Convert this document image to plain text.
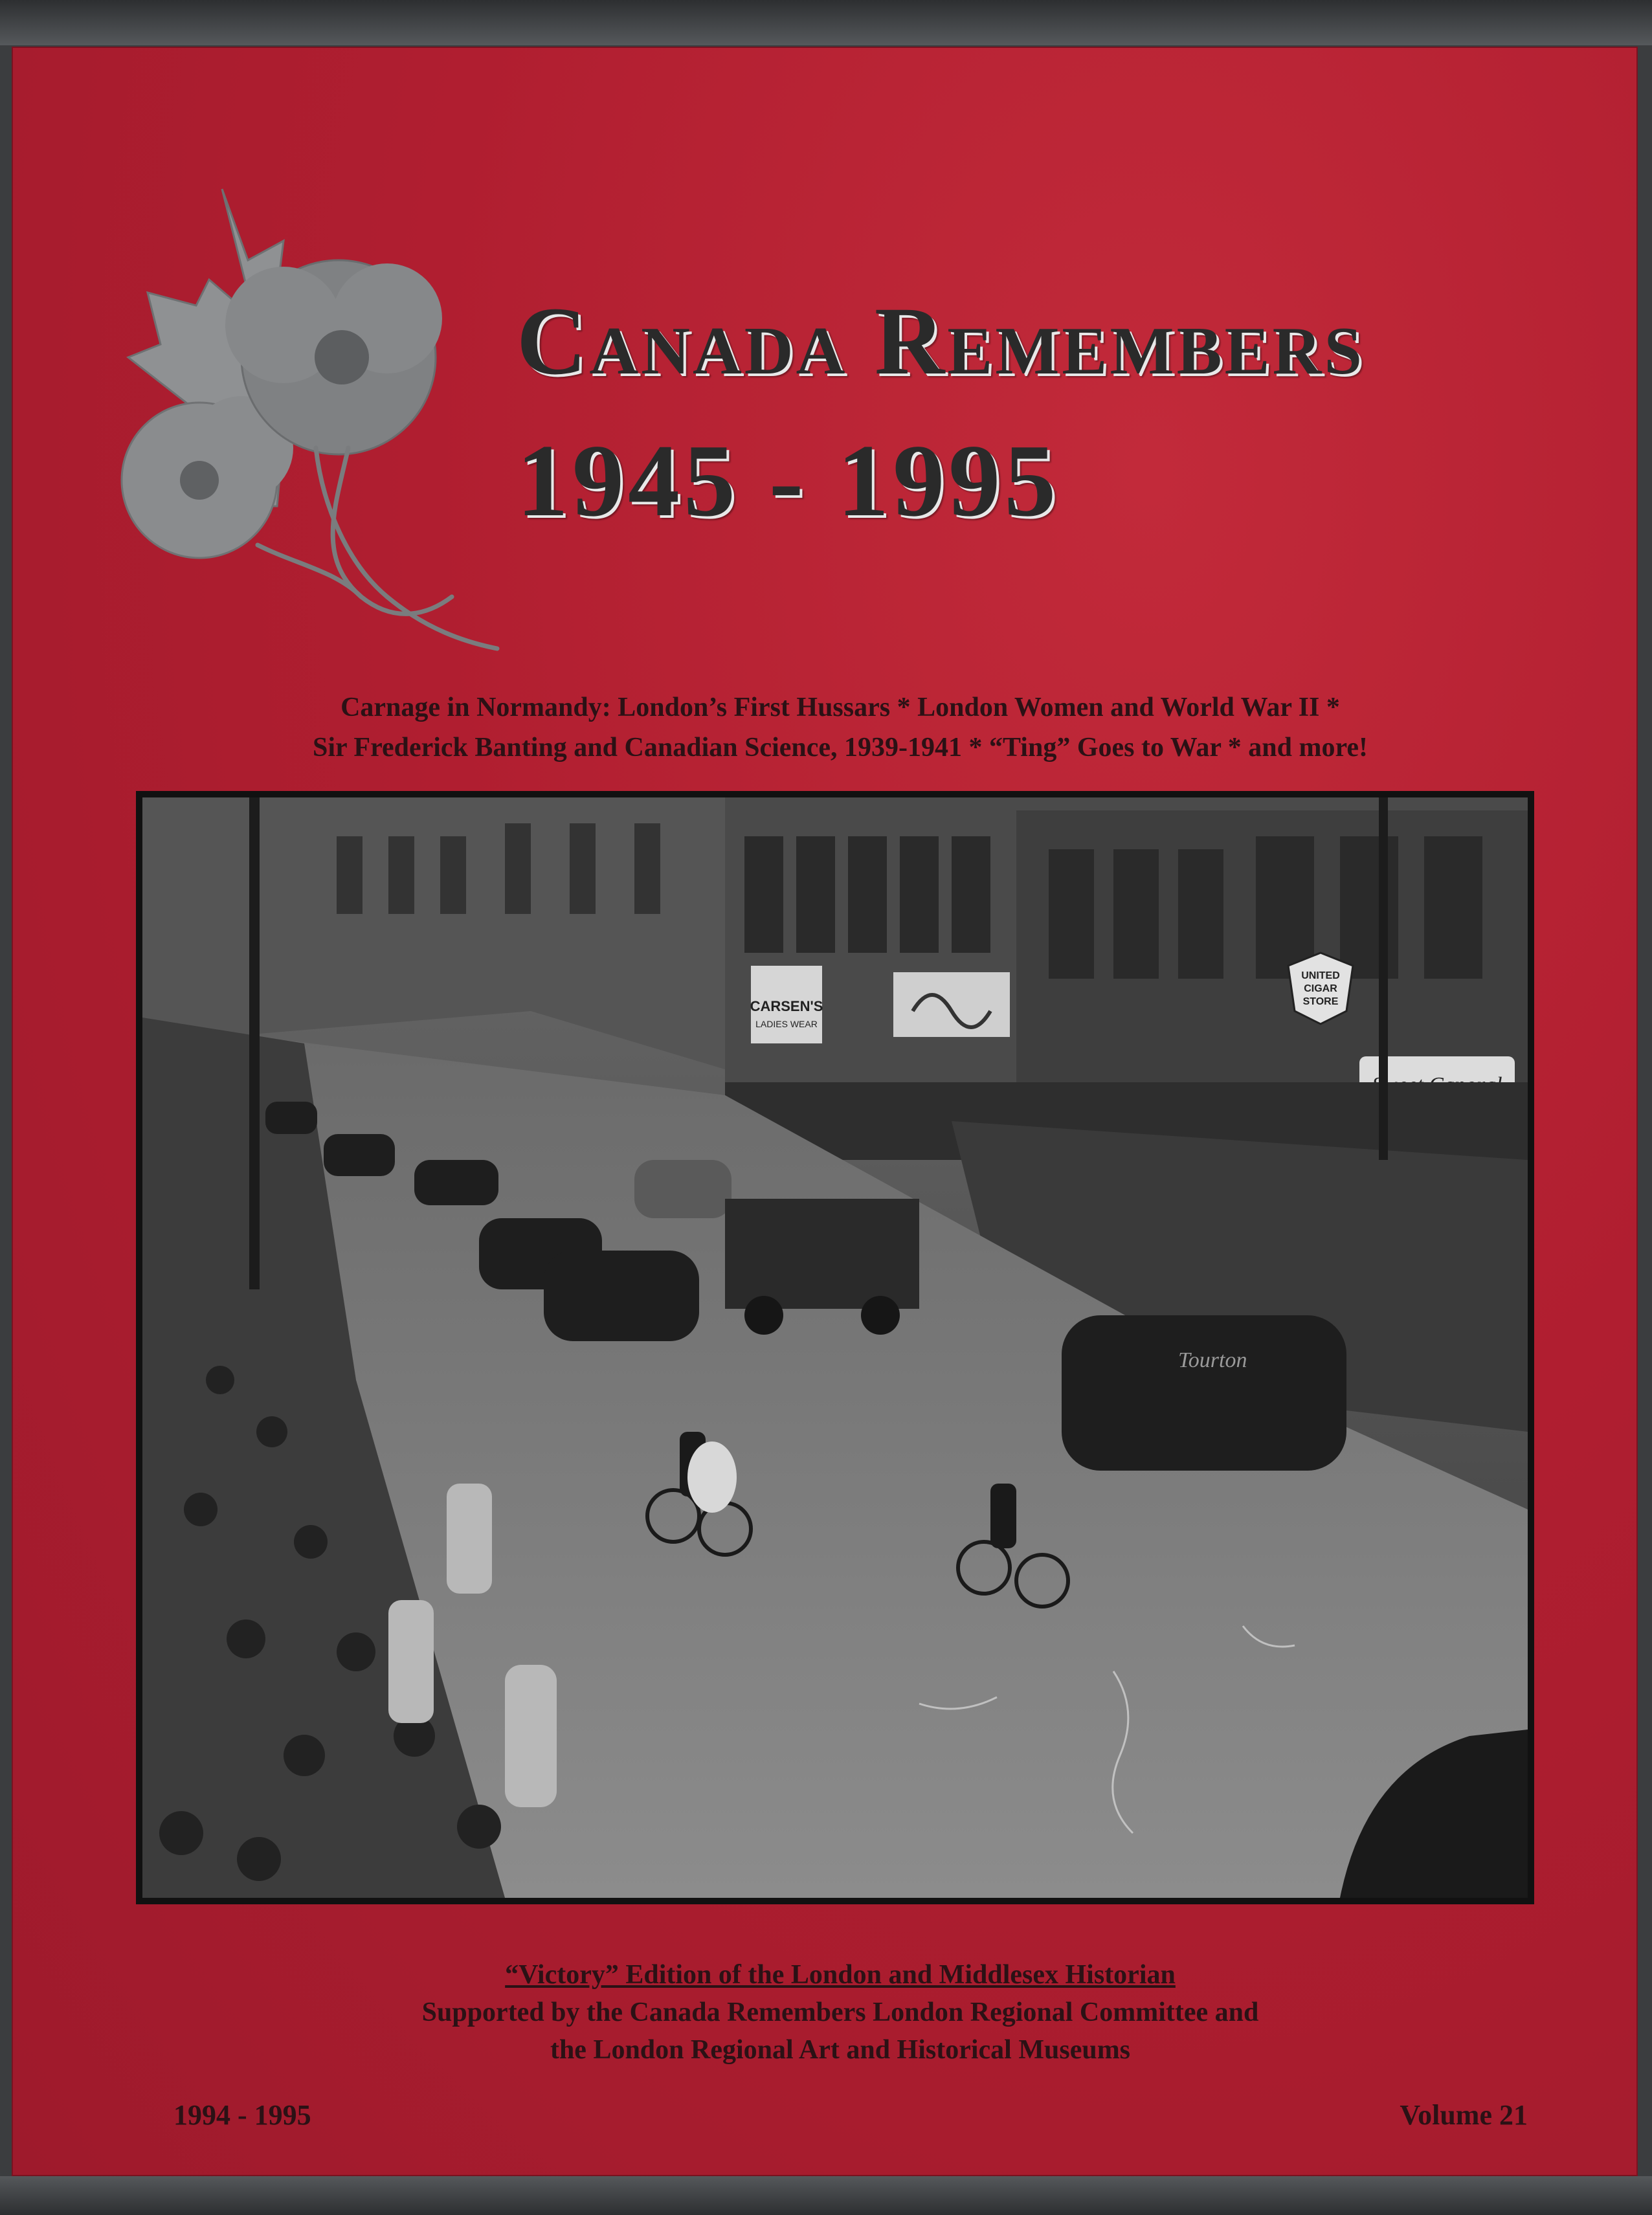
Canada Remembers
1945 - 1995
Carnage in Normandy: London’s First Hussars * London Women and World War II *
Sir Frederick Banting and Canadian Science, 1939-1941 * “Ting” Goes to War * and more!
CARSEN'S
LADIES WEAR
UNITED
CIGAR
STORE
Tourton
“Victory” Edition of the London and Middlesex Historian
Supported by the Canada Remembers London Regional Committee and
the London Regional Art and Historical Museums
1994 - 1995	Volume 21
